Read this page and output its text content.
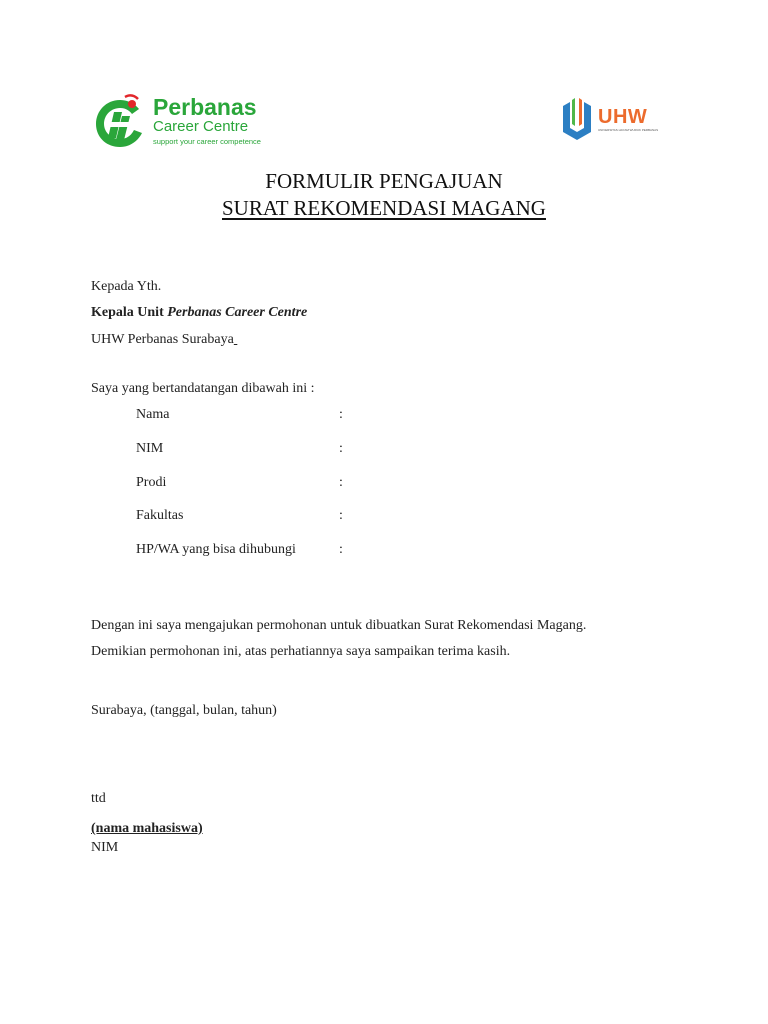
Perbanas
Career Centre
support your career competence
UHW
UNIVERSITAS HAYAM WURUK PERBANAS
FORMULIR PENGAJUAN
SURAT REKOMENDASI MAGANG
Kepada Yth.
Kepala Unit Perbanas Career Centre
UHW Perbanas Surabaya
Saya yang bertandatangan dibawah ini :
Nama	:
NIM	:
Prodi	:
Fakultas	:
HP/WA yang bisa dihubungi	:
Dengan ini saya mengajukan permohonan untuk dibuatkan Surat Rekomendasi Magang.
Demikian permohonan ini, atas perhatiannya saya sampaikan terima kasih.
Surabaya, (tanggal, bulan, tahun)
ttd
(nama mahasiswa)
NIM
